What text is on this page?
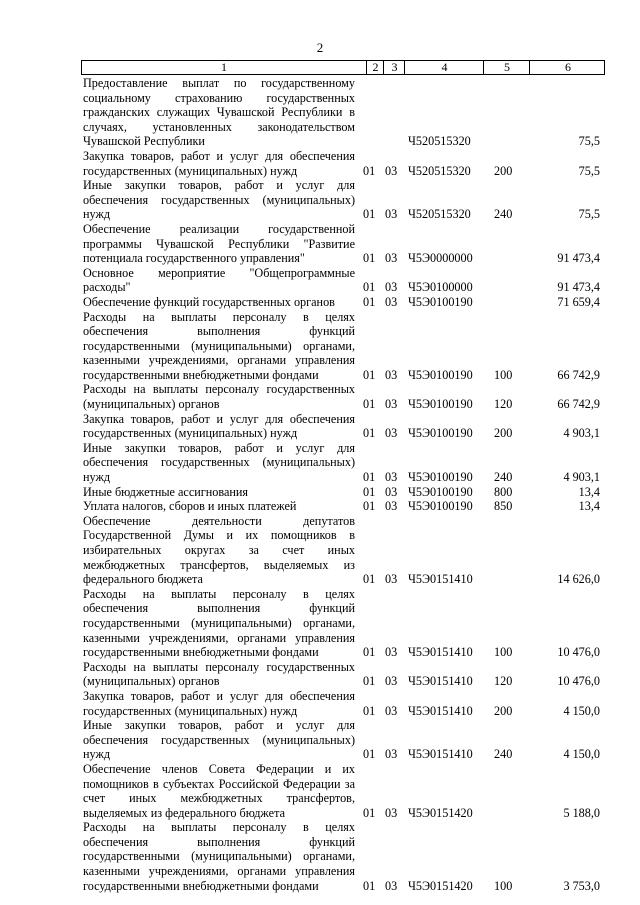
2
1	2	3	4	5	6
Предоставление выплат по государственному социальному страхованию государственных гражданских служащих Чувашской Республики в случаях, установленных законодательством Чувашской Республики	Ч520515320	75,5
Закупка товаров, работ и услуг для обеспечения государственных (муниципальных) нужд	01 03 Ч520515320 200	75,5
Иные закупки товаров, работ и услуг для обеспечения государственных (муниципальных) нужд	01 03 Ч520515320 240	75,5
Обеспечение реализации государственной программы Чувашской Республики "Развитие потенциала государственного управления"	01 03 Ч5Э0000000	91 473,4
Основное мероприятие "Общепрограммные расходы"	01 03 Ч5Э0100000	91 473,4
Обеспечение функций государственных органов	01 03 Ч5Э0100190	71 659,4
Расходы на выплаты персоналу в целях обеспечения выполнения функций государственными (муниципальными) органами, казенными учреждениями, органами управления государственными внебюджетными фондами	01 03 Ч5Э0100190 100	66 742,9
Расходы на выплаты персоналу государственных (муниципальных) органов	01 03 Ч5Э0100190 120	66 742,9
Закупка товаров, работ и услуг для обеспечения государственных (муниципальных) нужд	01 03 Ч5Э0100190 200	4 903,1
Иные закупки товаров, работ и услуг для обеспечения государственных (муниципальных) нужд	01 03 Ч5Э0100190 240	4 903,1
Иные бюджетные ассигнования	01 03 Ч5Э0100190 800	13,4
Уплата налогов, сборов и иных платежей	01 03 Ч5Э0100190 850	13,4
Обеспечение деятельности депутатов Государственной Думы и их помощников в избирательных округах за счет иных межбюджетных трансфертов, выделяемых из федерального бюджета	01 03 Ч5Э0151410	14 626,0
Расходы на выплаты персоналу в целях обеспечения выполнения функций государственными (муниципальными) органами, казенными учреждениями, органами управления государственными внебюджетными фондами	01 03 Ч5Э0151410 100	10 476,0
Расходы на выплаты персоналу государственных (муниципальных) органов	01 03 Ч5Э0151410 120	10 476,0
Закупка товаров, работ и услуг для обеспечения государственных (муниципальных) нужд	01 03 Ч5Э0151410 200	4 150,0
Иные закупки товаров, работ и услуг для обеспечения государственных (муниципальных) нужд	01 03 Ч5Э0151410 240	4 150,0
Обеспечение членов Совета Федерации и их помощников в субъектах Российской Федерации за счет иных межбюджетных трансфертов, выделяемых из федерального бюджета	01 03 Ч5Э0151420	5 188,0
Расходы на выплаты персоналу в целях обеспечения выполнения функций государственными (муниципальными) органами, казенными учреждениями, органами управления государственными внебюджетными фондами	01 03 Ч5Э0151420 100	3 753,0
